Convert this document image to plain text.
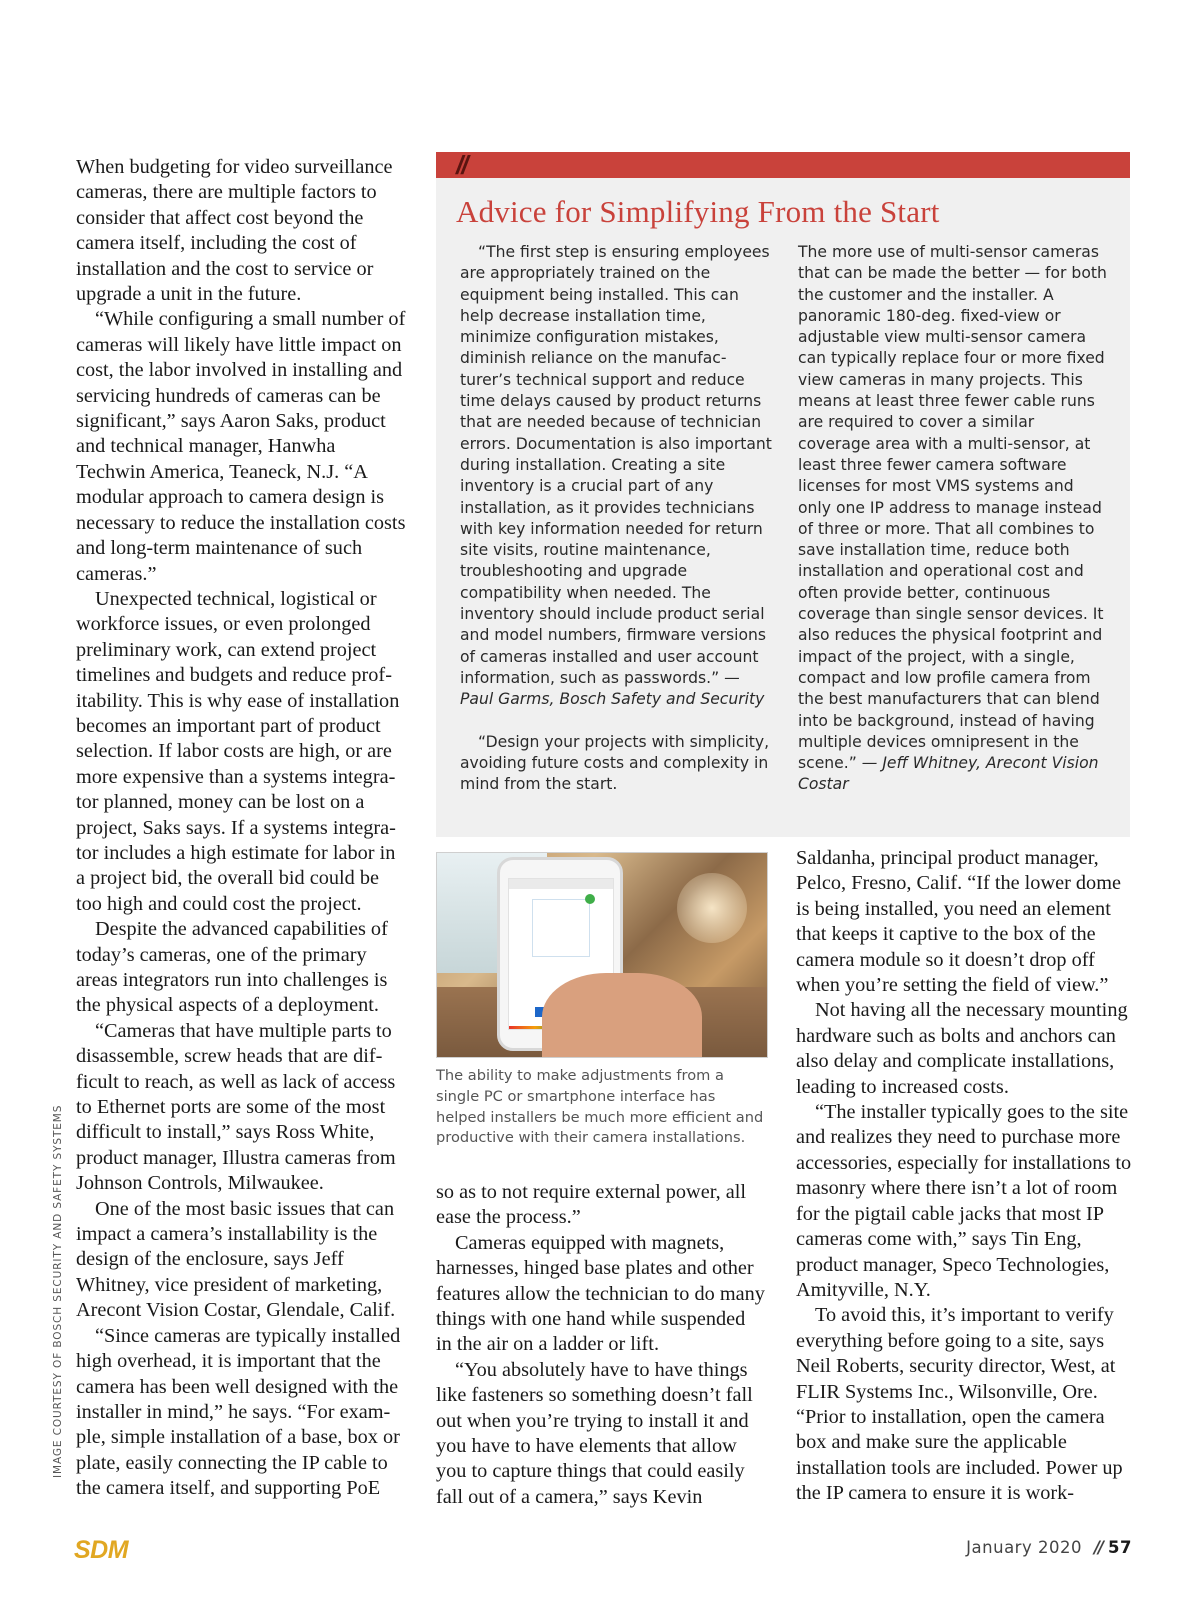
When budgeting for video surveillance cameras, there are multiple factors to consider that affect cost beyond the camera itself, including the cost of installation and the cost to service or upgrade a unit in the future.

“While configuring a small number of cameras will likely have little impact on cost, the labor involved in installing and servicing hundreds of cameras can be significant,” says Aaron Saks, product and technical manager, Hanwha Techwin America, Teaneck, N.J. “A modular approach to camera design is necessary to reduce the installation costs and long-term maintenance of such cameras.”

Unexpected technical, logistical or workforce issues, or even prolonged preliminary work, can extend project timelines and budgets and reduce profitability. This is why ease of installation becomes an important part of product selection. If labor costs are high, or are more expensive than a systems integrator planned, money can be lost on a project, Saks says. If a systems integrator includes a high estimate for labor in a project bid, the overall bid could be too high and could cost the project.

Despite the advanced capabilities of today’s cameras, one of the primary areas integrators run into challenges is the physical aspects of a deployment.

“Cameras that have multiple parts to disassemble, screw heads that are difficult to reach, as well as lack of access to Ethernet ports are some of the most difficult to install,” says Ross White, product manager, Illustra cameras from Johnson Controls, Milwaukee.

One of the most basic issues that can impact a camera’s installability is the design of the enclosure, says Jeff Whitney, vice president of marketing, Arecont Vision Costar, Glendale, Calif.

“Since cameras are typically installed high overhead, it is important that the camera has been well designed with the installer in mind,” he says. “For example, simple installation of a base, box or plate, easily connecting the IP cable to the camera itself, and supporting PoE

//
Advice for Simplifying From the Start

“The first step is ensuring employees are appropriately trained on the equipment being installed. This can help decrease installation time, minimize configuration mistakes, diminish reliance on the manufacturer’s technical support and reduce time delays caused by product returns that are needed because of technician errors. Documentation is also important during installation. Creating a site inventory is a crucial part of any installation, as it provides technicians with key information needed for return site visits, routine maintenance, troubleshooting and upgrade compatibility when needed. The inventory should include product serial and model numbers, firmware versions of cameras installed and user account information, such as passwords.” — Paul Garms, Bosch Safety and Security

“Design your projects with simplicity, avoiding future costs and complexity in mind from the start.

The more use of multi-sensor cameras that can be made the better — for both the customer and the installer. A panoramic 180-deg. fixed-view or adjustable view multi-sensor camera can typically replace four or more fixed view cameras in many projects. This means at least three fewer cable runs are required to cover a similar coverage area with a multi-sensor, at least three fewer camera software licenses for most VMS systems and only one IP address to manage instead of three or more. That all combines to save installation time, reduce both installation and operational cost and often provide better, continuous coverage than single sensor devices. It also reduces the physical footprint and impact of the project, with a single, compact and low profile camera from the best manufacturers that can blend into be background, instead of having multiple devices omnipresent in the scene.” — Jeff Whitney, Arecont Vision Costar

The ability to make adjustments from a single PC or smartphone interface has helped installers be much more efficient and productive with their camera installations.

so as to not require external power, all ease the process.”

Cameras equipped with magnets, harnesses, hinged base plates and other features allow the technician to do many things with one hand while suspended in the air on a ladder or lift.

“You absolutely have to have things like fasteners so something doesn’t fall out when you’re trying to install it and you have to have elements that allow you to capture things that could easily fall out of a camera,” says Kevin

Saldanha, principal product manager, Pelco, Fresno, Calif. “If the lower dome is being installed, you need an element that keeps it captive to the box of the camera module so it doesn’t drop off when you’re setting the field of view.”

Not having all the necessary mounting hardware such as bolts and anchors can also delay and complicate installations, leading to increased costs.

“The installer typically goes to the site and realizes they need to purchase more accessories, especially for installations to masonry where there isn’t a lot of room for the pigtail cable jacks that most IP cameras come with,” says Tin Eng, product manager, Speco Technologies, Amityville, N.Y.

To avoid this, it’s important to verify everything before going to a site, says Neil Roberts, security director, West, at FLIR Systems Inc., Wilsonville, Ore. “Prior to installation, open the camera box and make sure the applicable installation tools are included. Power up the IP camera to ensure it is work-

IMAGE COURTESY OF BOSCH SECURITY AND SAFETY SYSTEMS
SDM	January 2020 // 57
